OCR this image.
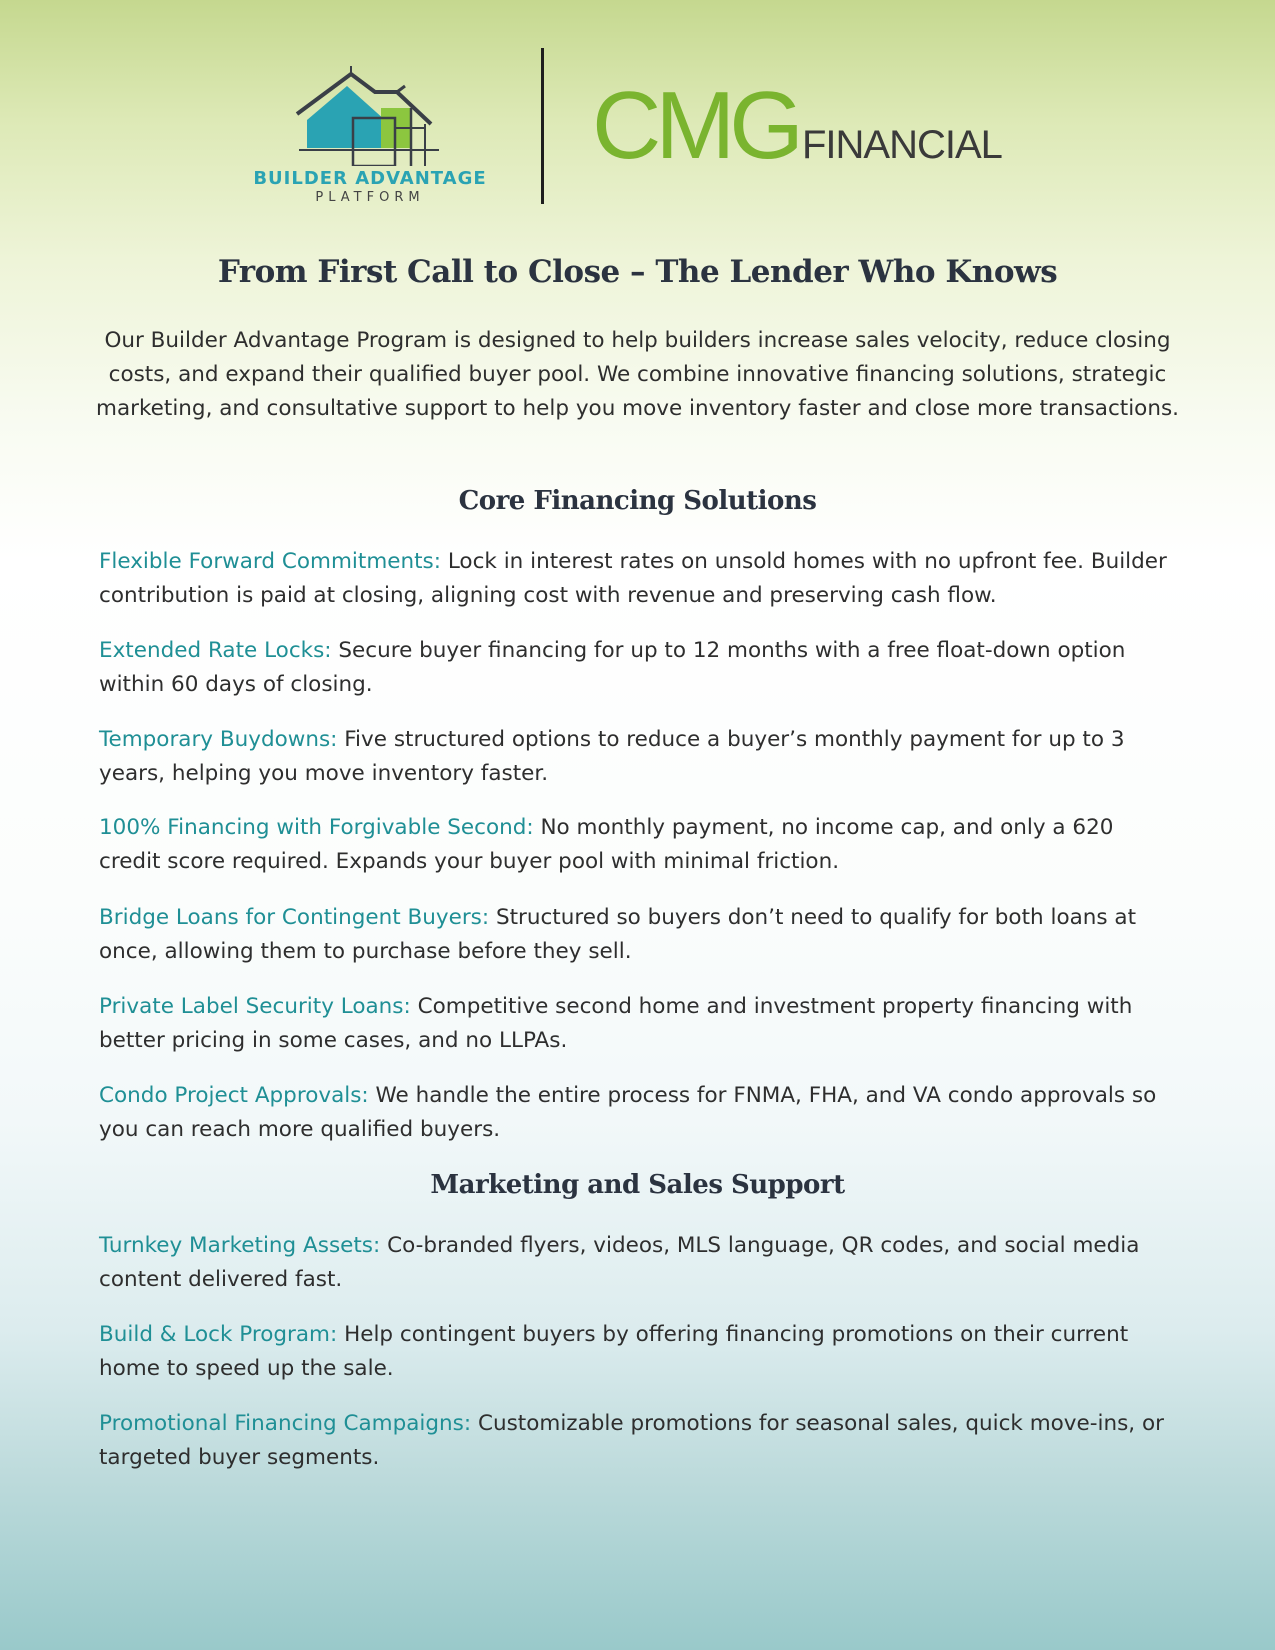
BUILDER ADVANTAGE
PLATFORM
CMG FINANCIAL
From First Call to Close – The Lender Who Knows

Our Builder Advantage Program is designed to help builders increase sales velocity, reduce closing costs, and expand their qualified buyer pool. We combine innovative financing solutions, strategic marketing, and consultative support to help you move inventory faster and close more transactions.

Core Financing Solutions

Flexible Forward Commitments: Lock in interest rates on unsold homes with no upfront fee. Builder contribution is paid at closing, aligning cost with revenue and preserving cash flow.

Extended Rate Locks: Secure buyer financing for up to 12 months with a free float-down option within 60 days of closing.

Temporary Buydowns: Five structured options to reduce a buyer’s monthly payment for up to 3 years, helping you move inventory faster.

100% Financing with Forgivable Second: No monthly payment, no income cap, and only a 620 credit score required. Expands your buyer pool with minimal friction.

Bridge Loans for Contingent Buyers: Structured so buyers don’t need to qualify for both loans at once, allowing them to purchase before they sell.

Private Label Security Loans: Competitive second home and investment property financing with better pricing in some cases, and no LLPAs.

Condo Project Approvals: We handle the entire process for FNMA, FHA, and VA condo approvals so you can reach more qualified buyers.

Marketing and Sales Support

Turnkey Marketing Assets: Co-branded flyers, videos, MLS language, QR codes, and social media content delivered fast.

Build & Lock Program: Help contingent buyers by offering financing promotions on their current home to speed up the sale.

Promotional Financing Campaigns: Customizable promotions for seasonal sales, quick move-ins, or targeted buyer segments.
